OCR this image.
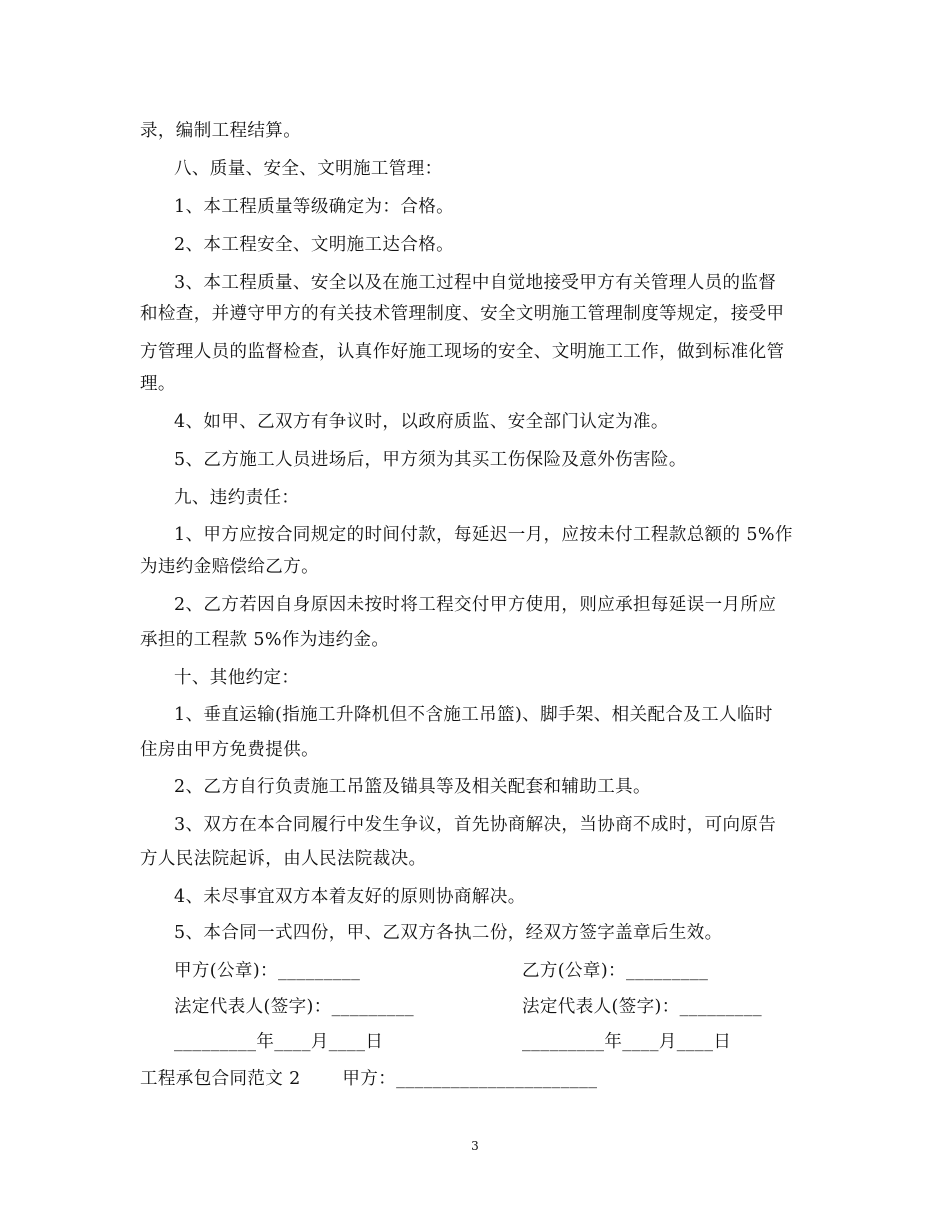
录，编制工程结算。
八、质量、安全、文明施工管理：
1、本工程质量等级确定为：合格。
2、本工程安全、文明施工达合格。
3、本工程质量、安全以及在施工过程中自觉地接受甲方有关管理人员的监督
和检查，并遵守甲方的有关技术管理制度、安全文明施工管理制度等规定，接受甲
方管理人员的监督检查，认真作好施工现场的安全、文明施工工作，做到标准化管
理。
4、如甲、乙双方有争议时，以政府质监、安全部门认定为准。
5、乙方施工人员进场后，甲方须为其买工伤保险及意外伤害险。
九、违约责任：
1、甲方应按合同规定的时间付款，每延迟一月，应按未付工程款总额的 5%作
为违约金赔偿给乙方。
2、乙方若因自身原因未按时将工程交付甲方使用，则应承担每延误一月所应
承担的工程款 5%作为违约金。
十、其他约定：
1、垂直运输(指施工升降机但不含施工吊篮)、脚手架、相关配合及工人临时
住房由甲方免费提供。
2、乙方自行负责施工吊篮及锚具等及相关配套和辅助工具。
3、双方在本合同履行中发生争议，首先协商解决，当协商不成时，可向原告
方人民法院起诉，由人民法院裁决。
4、未尽事宜双方本着友好的原则协商解决。
5、本合同一式四份，甲、乙双方各执二份，经双方签字盖章后生效。
甲方(公章)：_________	乙方(公章)：_________
法定代表人(签字)：_________	法定代表人(签字)：_________
_________年____月____日	_________年____月____日
工程承包合同范文 2       甲方：______________________
3
